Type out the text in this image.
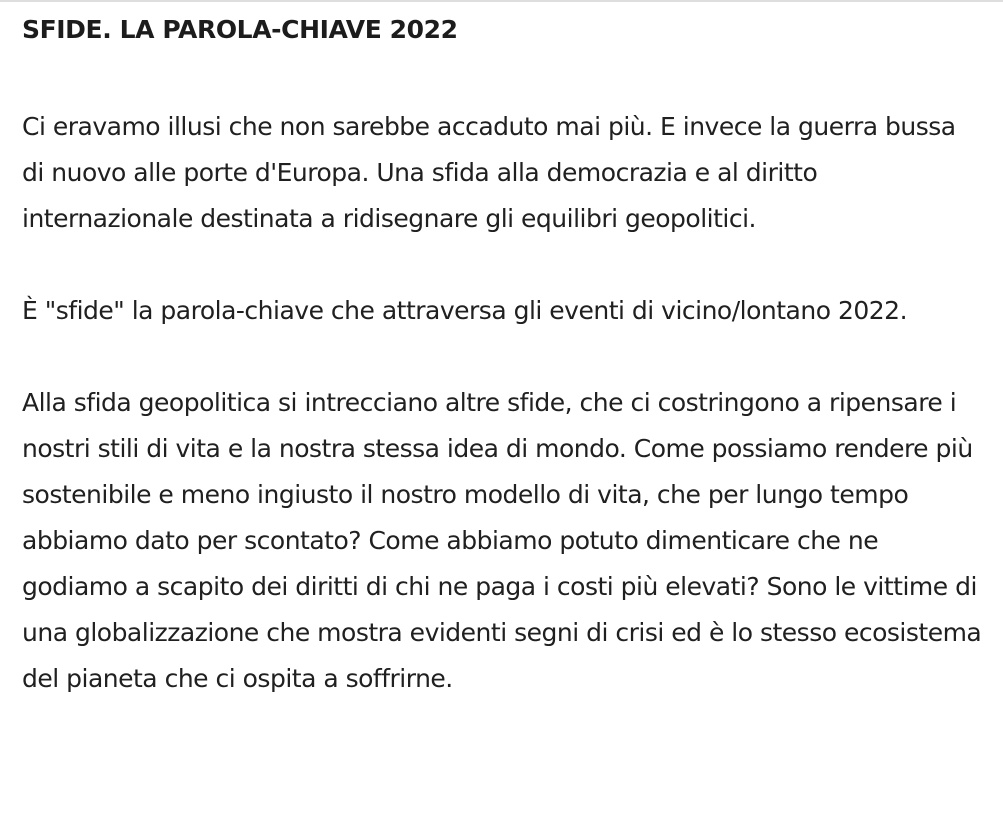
SFIDE. LA PAROLA-CHIAVE 2022

Ci eravamo illusi che non sarebbe accaduto mai più. E invece la guerra bussa di nuovo alle porte d'Europa. Una sfida alla democrazia e al diritto internazionale destinata a ridisegnare gli equilibri geopolitici.

È "sfide" la parola-chiave che attraversa gli eventi di vicino/lontano 2022.

Alla sfida geopolitica si intrecciano altre sfide, che ci costringono a ripensare i nostri stili di vita e la nostra stessa idea di mondo. Come possiamo rendere più sostenibile e meno ingiusto il nostro modello di vita, che per lungo tempo abbiamo dato per scontato? Come abbiamo potuto dimenticare che ne godiamo a scapito dei diritti di chi ne paga i costi più elevati? Sono le vittime di una globalizzazione che mostra evidenti segni di crisi ed è lo stesso ecosistema del pianeta che ci ospita a soffrirne.
